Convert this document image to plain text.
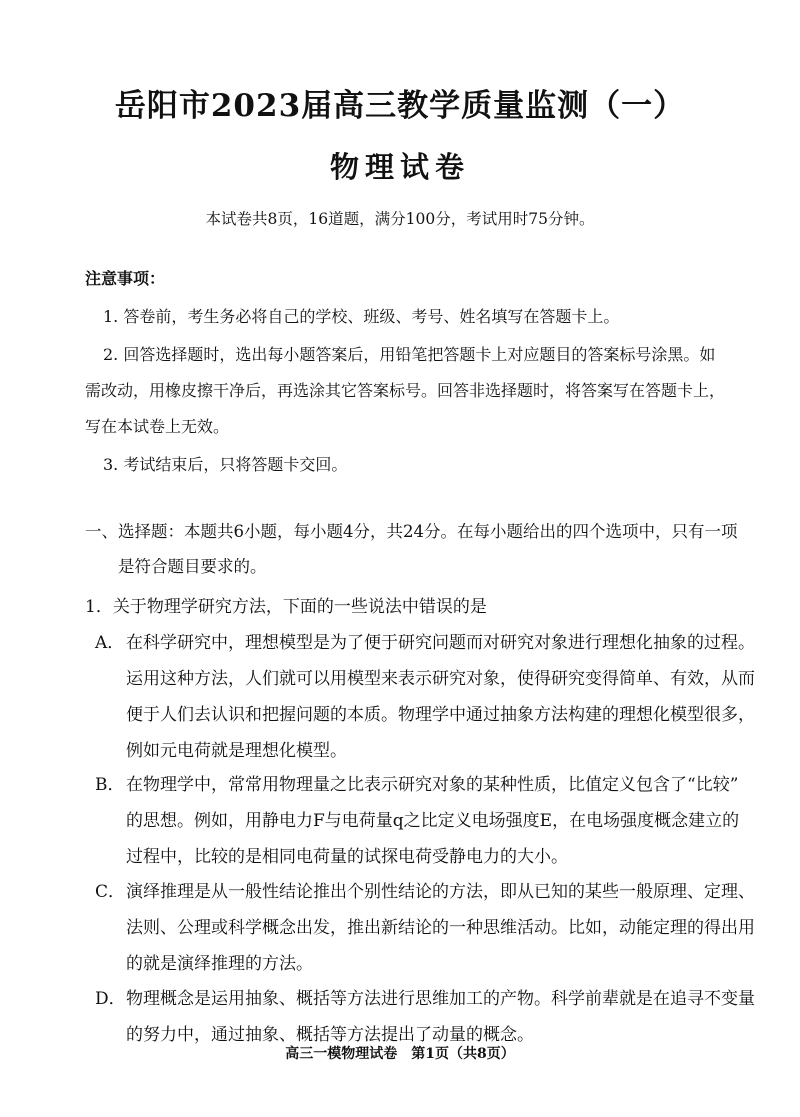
岳阳市2023届高三教学质量监测（一）
物理试卷
本试卷共8页，16道题，满分100分，考试用时75分钟。
注意事项：
1. 答卷前，考生务必将自己的学校、班级、考号、姓名填写在答题卡上。
2. 回答选择题时，选出每小题答案后，用铅笔把答题卡上对应题目的答案标号涂黑。如
需改动，用橡皮擦干净后，再选涂其它答案标号。回答非选择题时，将答案写在答题卡上，
写在本试卷上无效。
3. 考试结束后，只将答题卡交回。
一、选择题：本题共6小题，每小题4分，共24分。在每小题给出的四个选项中，只有一项
是符合题目要求的。
1．关于物理学研究方法，下面的一些说法中错误的是
A． 在科学研究中，理想模型是为了便于研究问题而对研究对象进行理想化抽象的过程。
运用这种方法，人们就可以用模型来表示研究对象，使得研究变得简单、有效，从而
便于人们去认识和把握问题的本质。物理学中通过抽象方法构建的理想化模型很多，
例如元电荷就是理想化模型。
B． 在物理学中，常常用物理量之比表示研究对象的某种性质，比值定义包含了“比较”
的思想。例如，用静电力F与电荷量q之比定义电场强度E，在电场强度概念建立的
过程中，比较的是相同电荷量的试探电荷受静电力的大小。
C． 演绎推理是从一般性结论推出个别性结论的方法，即从已知的某些一般原理、定理、
法则、公理或科学概念出发，推出新结论的一种思维活动。比如，动能定理的得出用
的就是演绎推理的方法。
D． 物理概念是运用抽象、概括等方法进行思维加工的产物。科学前辈就是在追寻不变量
的努力中，通过抽象、概括等方法提出了动量的概念。
高三一模物理试卷　第1页（共8页）
